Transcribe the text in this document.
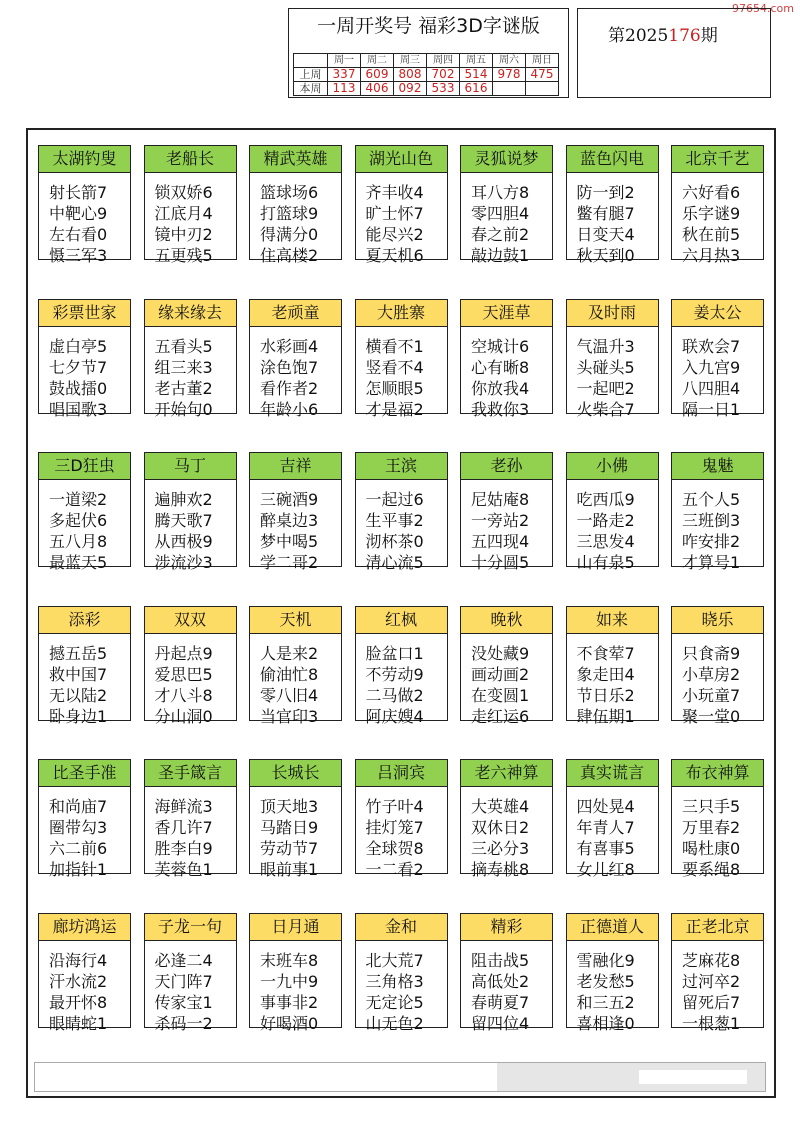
97654.com
一周开奖号 福彩3D字谜版
	周一	周二	周三	周四	周五	周六	周日
上周	337	609	808	702	514	978	475
本周	113	406	092	533	616		
第2025176期
太湖钓叟
射长箭7
中靶心9
左右看0
慑三军3
老船长
锁双娇6
江底月4
镜中刃2
五更残5
精武英雄
篮球场6
打篮球9
得满分0
住高楼2
湖光山色
齐丰收4
旷士怀7
能尽兴2
夏天机6
灵狐说梦
耳八方8
零四胆4
春之前2
敲边鼓1
蓝色闪电
防一到2
鳖有腿7
日变天4
秋天到0
北京千艺
六好看6
乐字谜9
秋在前5
六月热3
彩票世家
虚白亭5
七夕节7
鼓战擂0
唱国歌3
缘来缘去
五看头5
组三来3
老古董2
开始句0
老顽童
水彩画4
涂色饱7
看作者2
年龄小6
大胜寨
横看不1
竖看不4
怎顺眼5
才是福2
天涯草
空城计6
心有晰8
你放我4
我救你3
及时雨
气温升3
头碰头5
一起吧2
火柴合7
姜太公
联欢会7
入九宫9
八四胆4
隔一日1
三D狂虫
一道梁2
多起伏6
五八月8
最蓝天5
马丁
遍胂欢2
腾天歌7
从西极9
涉流沙3
吉祥
三碗酒9
醉桌边3
梦中喝5
学二哥2
王滨
一起过6
生平事2
沏杯茶0
清心流5
老孙
尼姑庵8
一旁站2
五四现4
十分圆5
小佛
吃西瓜9
一路走2
三思发4
山有泉5
鬼魅
五个人5
三班倒3
咋安排2
才算号1
添彩
撼五岳5
救中国7
无以陆2
卧身边1
双双
丹起点9
爱思巴5
才八斗8
分山洞0
天机
人是来2
偷油忙8
零八旧4
当官印3
红枫
脸盆口1
不劳动9
二马做2
阿庆嫂4
晚秋
没处藏9
画动画2
在变圆1
走红运6
如来
不食荤7
象走田4
节日乐2
肆伍期1
晓乐
只食斋9
小草房2
小玩童7
聚一堂0
比圣手准
和尚庙7
圈带勾3
六二前6
加指针1
圣手箴言
海鲜流3
香几许7
胜李白9
芙蓉色1
长城长
顶天地3
马踏日9
劳动节7
眼前事1
吕洞宾
竹子叶4
挂灯笼7
全球贺8
一二看2
老六神算
大英雄4
双休日2
三必分3
摘寿桃8
真实谎言
四处晃4
年青人7
有喜事5
女儿红8
布衣神算
三只手5
万里春2
喝杜康0
要系绳8
廊坊鸿运
沿海行4
汗水流2
最开怀8
眼睛蛇1
子龙一句
必逢二4
天门阵7
传家宝1
杀码一2
日月通
末班车8
一九中9
事事非2
好喝酒0
金和
北大荒7
三角格3
无定论5
山无色2
精彩
阻击战5
高低处2
春萌夏7
留四位4
正德道人
雪融化9
老发愁5
和三五2
喜相逢0
正老北京
芝麻花8
过河卒2
留死后7
一根葱1
